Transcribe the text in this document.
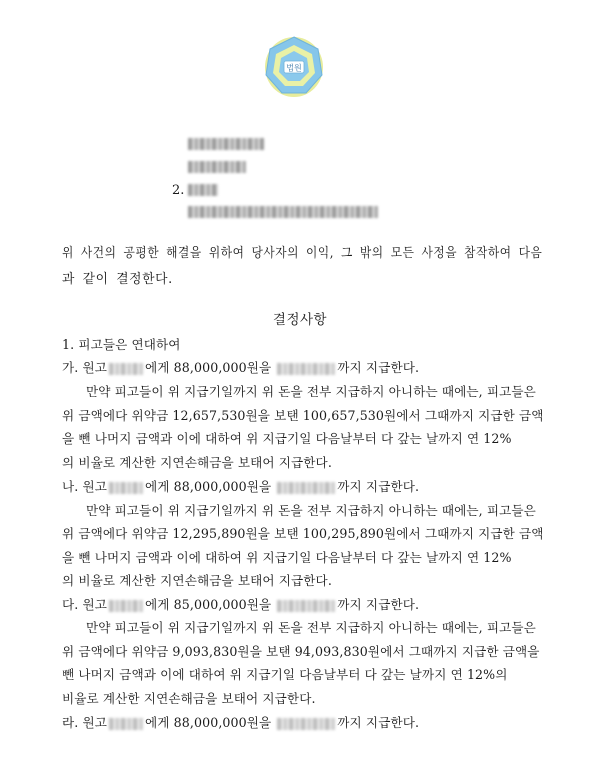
법원
2.
위 사건의 공평한 해결을 위하여 당사자의 이익, 그 밖의 모든 사정을 참작하여 다음
과 같이 결정한다.
결정사항
1. 피고들은 연대하여
가. 원고	에게 88,000,000원을	까지 지급한다.
만약 피고들이 위 지급기일까지 위 돈을 전부 지급하지 아니하는 때에는, 피고들은
위 금액에다 위약금 12,657,530원을 보탠 100,657,530원에서 그때까지 지급한 금액
을 뺀 나머지 금액과 이에 대하여 위 지급기일 다음날부터 다 갚는 날까지 연 12%
의 비율로 계산한 지연손해금을 보태어 지급한다.
나. 원고	에게 88,000,000원을	까지 지급한다.
만약 피고들이 위 지급기일까지 위 돈을 전부 지급하지 아니하는 때에는, 피고들은
위 금액에다 위약금 12,295,890원을 보탠 100,295,890원에서 그때까지 지급한 금액
을 뺀 나머지 금액과 이에 대하여 위 지급기일 다음날부터 다 갚는 날까지 연 12%
의 비율로 계산한 지연손해금을 보태어 지급한다.
다. 원고	에게 85,000,000원을	까지 지급한다.
만약 피고들이 위 지급기일까지 위 돈을 전부 지급하지 아니하는 때에는, 피고들은
위 금액에다 위약금 9,093,830원을 보탠 94,093,830원에서 그때까지 지급한 금액을
뺀 나머지 금액과 이에 대하여 위 지급기일 다음날부터 다 갚는 날까지 연 12%의
비율로 계산한 지연손해금을 보태어 지급한다.
라. 원고	에게 88,000,000원을	까지 지급한다.
